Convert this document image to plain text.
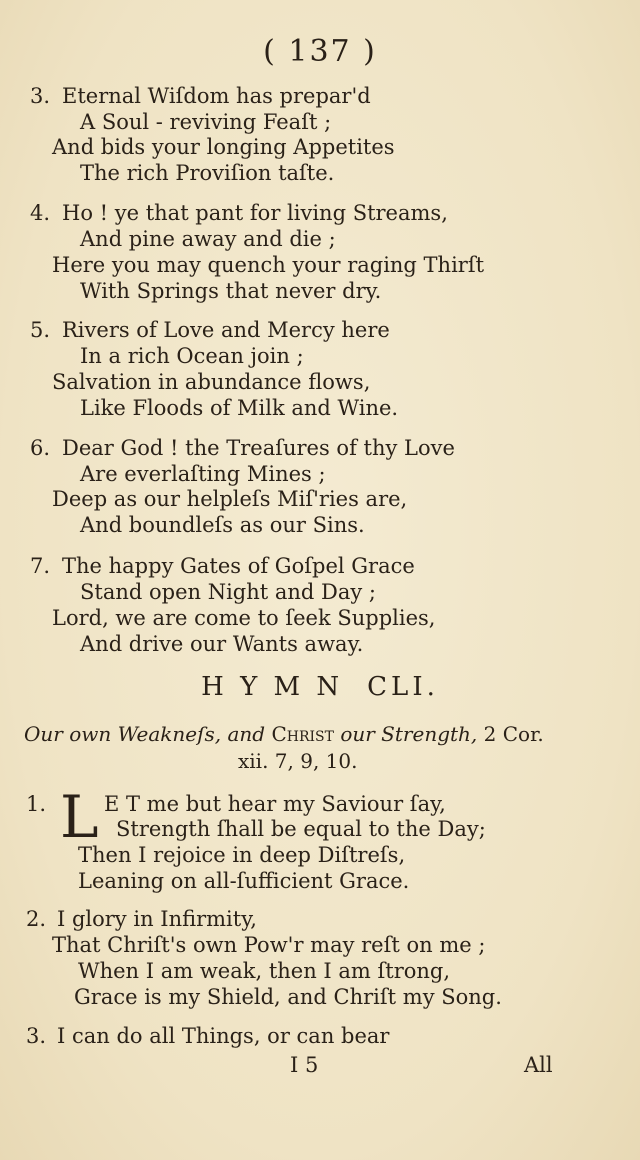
( 137 )
3. Eternal Wiſdom has prepar'd
A Soul - reviving Feaſt ;
And bids your longing Appetites
The rich Proviſion taſte.
4. Ho ! ye that pant for living Streams,
And pine away and die ;
Here you may quench your raging Thirſt
With Springs that never dry.
5. Rivers of Love and Mercy here
In a rich Ocean join ;
Salvation in abundance flows,
Like Floods of Milk and Wine.
6. Dear God ! the Treaſures of thy Love
Are everlaſting Mines ;
Deep as our helpleſs Miſ'ries are,
And boundleſs as our Sins.
7. The happy Gates of Goſpel Grace
Stand open Night and Day ;
Lord, we are come to ſeek Supplies,
And drive our Wants away.
H Y M N CLI.
Our own Weakneſs, and Christ our Strength, 2 Cor.
xii. 7, 9, 10.
1. L E T me but hear my Saviour ſay,
Strength ſhall be equal to the Day;
Then I rejoice in deep Diſtreſs,
Leaning on all-ſufficient Grace.
2. I glory in Infirmity,
That Chriſt's own Pow'r may reſt on me ;
When I am weak, then I am ſtrong,
Grace is my Shield, and Chriſt my Song.
3. I can do all Things, or can bear
I 5	All
